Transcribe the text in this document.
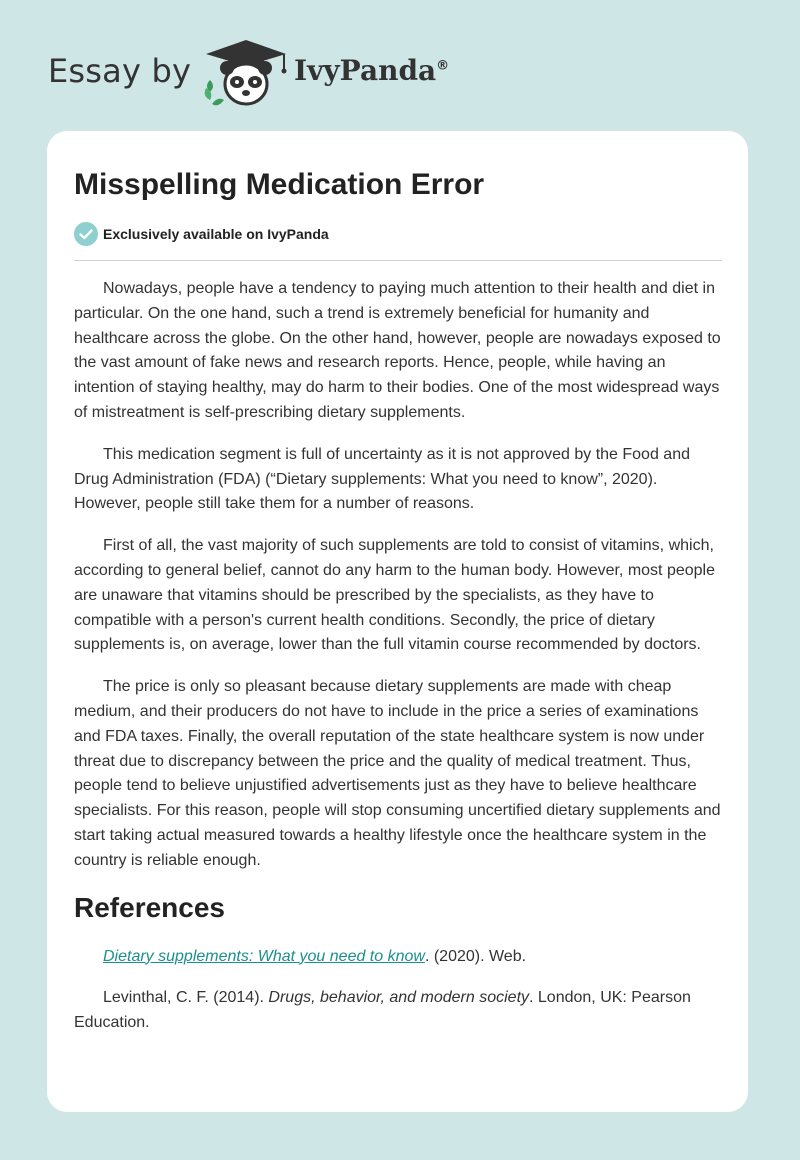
Essay by	IvyPanda®
Misspelling Medication Error
Exclusively available on IvyPanda

Nowadays, people have a tendency to paying much attention to their health and diet in particular. On the one hand, such a trend is extremely beneficial for humanity and healthcare across the globe. On the other hand, however, people are nowadays exposed to the vast amount of fake news and research reports. Hence, people, while having an intention of staying healthy, may do harm to their bodies. One of the most widespread ways of mistreatment is self-prescribing dietary supplements.

This medication segment is full of uncertainty as it is not approved by the Food and Drug Administration (FDA) (“Dietary supplements: What you need to know”, 2020). However, people still take them for a number of reasons.

First of all, the vast majority of such supplements are told to consist of vitamins, which, according to general belief, cannot do any harm to the human body. However, most people are unaware that vitamins should be prescribed by the specialists, as they have to compatible with a person's current health conditions. Secondly, the price of dietary supplements is, on average, lower than the full vitamin course recommended by doctors.

The price is only so pleasant because dietary supplements are made with cheap medium, and their producers do not have to include in the price a series of examinations and FDA taxes. Finally, the overall reputation of the state healthcare system is now under threat due to discrepancy between the price and the quality of medical treatment. Thus, people tend to believe unjustified advertisements just as they have to believe healthcare specialists. For this reason, people will stop consuming uncertified dietary supplements and start taking actual measured towards a healthy lifestyle once the healthcare system in the country is reliable enough.

References

Dietary supplements: What you need to know. (2020). Web.

Levinthal, C. F. (2014). Drugs, behavior, and modern society. London, UK: Pearson Education.
